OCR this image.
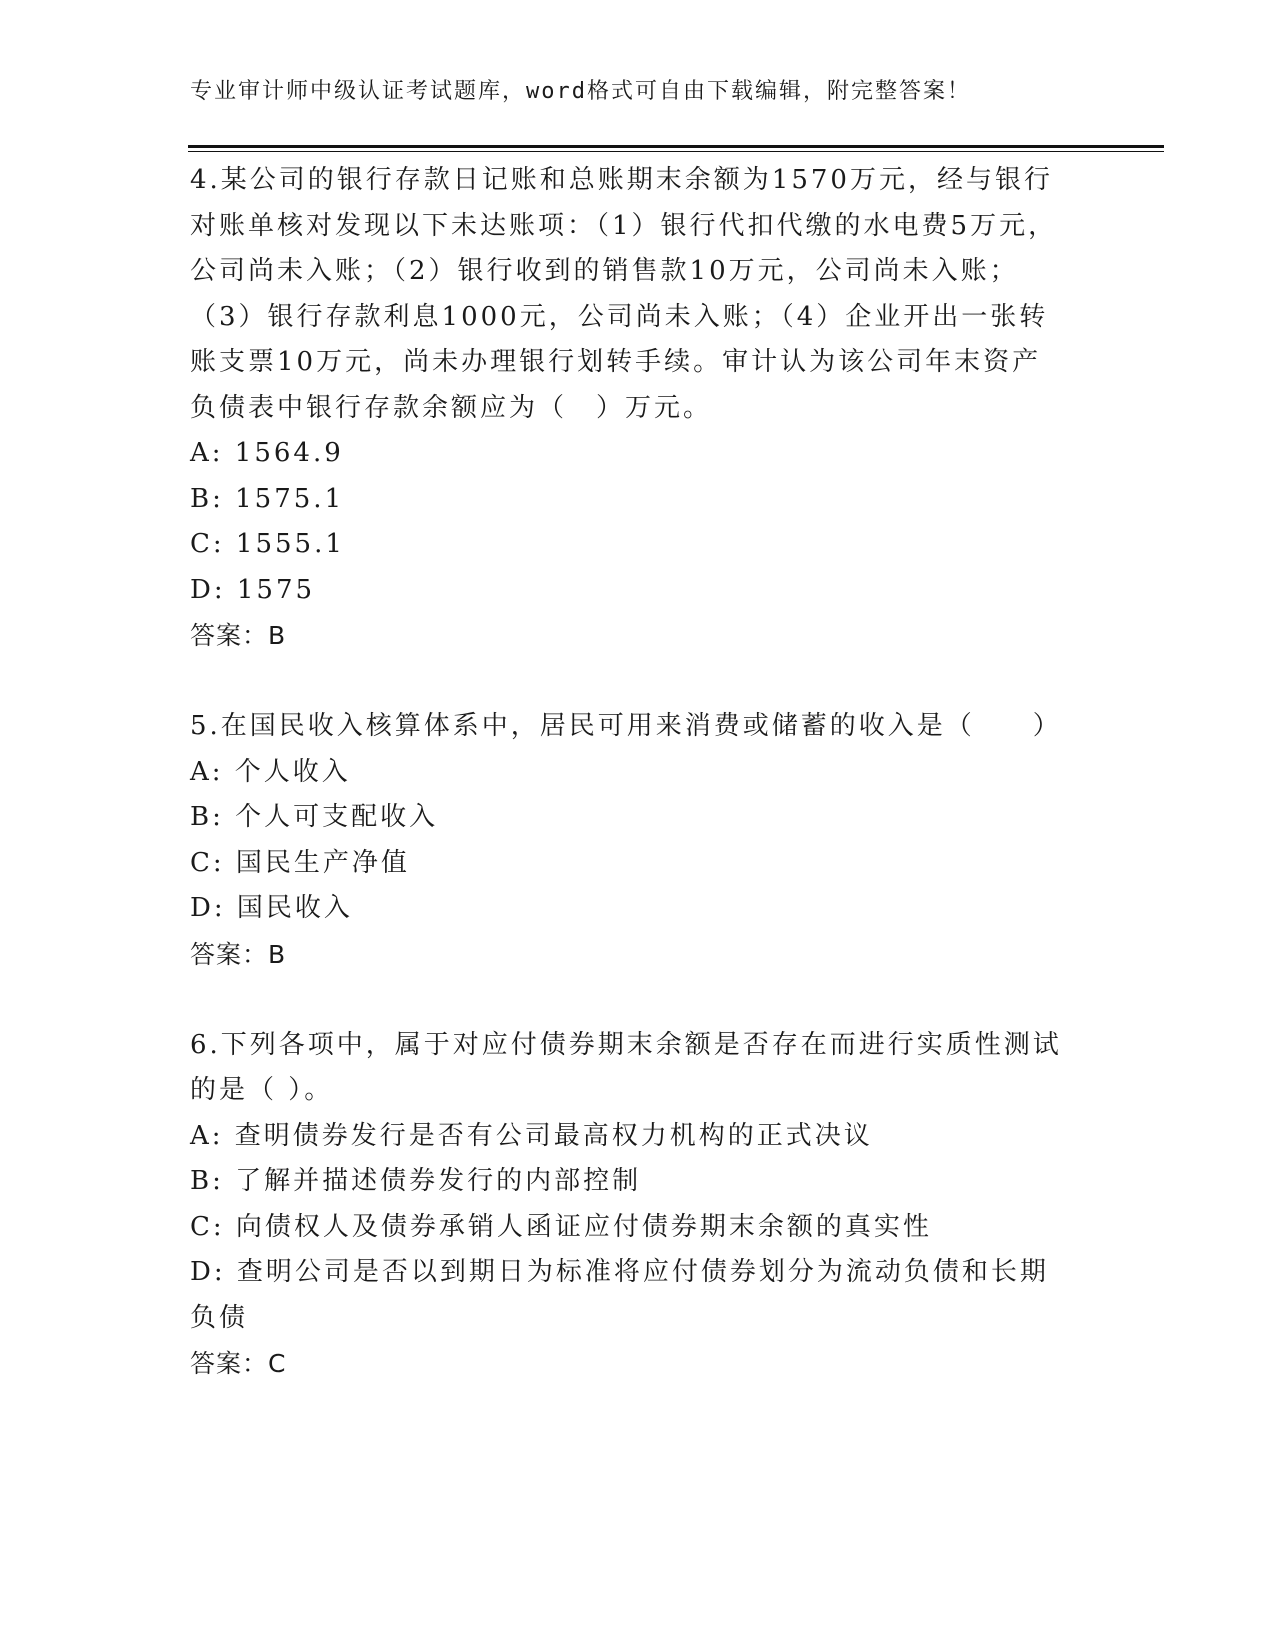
专业审计师中级认证考试题库，word格式可自由下载编辑，附完整答案！

4.某公司的银行存款日记账和总账期末余额为1570万元，经与银行对账单核对发现以下未达账项：（1）银行代扣代缴的水电费5万元，公司尚未入账；（2）银行收到的销售款10万元，公司尚未入账；（3）银行存款利息1000元，公司尚未入账；（4）企业开出一张转账支票10万元，尚未办理银行划转手续。审计认为该公司年末资产负债表中银行存款余额应为（　）万元。

A: 1564.9

B: 1575.1

C: 1555.1

D: 1575

答案：B

5.在国民收入核算体系中，居民可用来消费或储蓄的收入是（　　）

A: 个人收入

B: 个人可支配收入

C: 国民生产净值

D: 国民收入

答案：B

6.下列各项中，属于对应付债券期末余额是否存在而进行实质性测试的是（ ）。

A: 查明债券发行是否有公司最高权力机构的正式决议

B: 了解并描述债券发行的内部控制

C: 向债权人及债券承销人函证应付债券期末余额的真实性

D: 查明公司是否以到期日为标准将应付债券划分为流动负债和长期负债

答案：C
